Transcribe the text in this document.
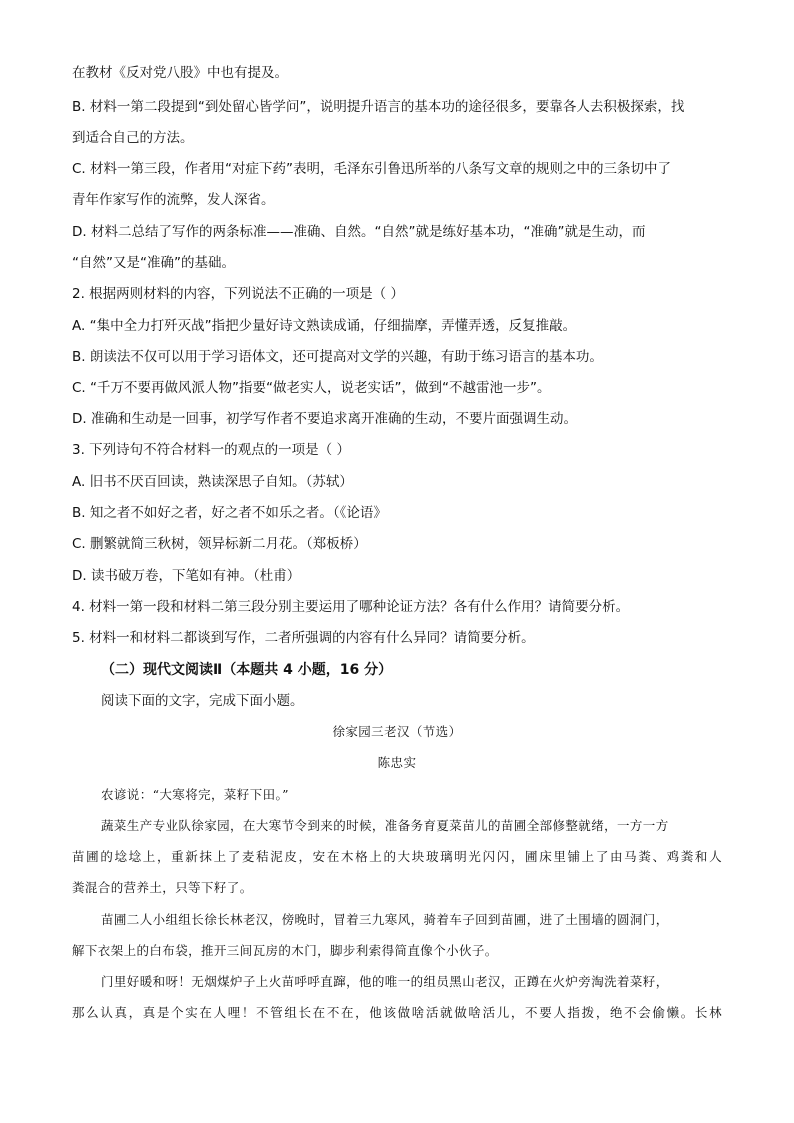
在教材《反对党八股》中也有提及。
B. 材料一第二段提到“到处留心皆学问”，说明提升语言的基本功的途径很多，要靠各人去积极探索，找
到适合自己的方法。
C. 材料一第三段，作者用“对症下药”表明，毛泽东引鲁迅所举的八条写文章的规则之中的三条切中了
青年作家写作的流弊，发人深省。
D. 材料二总结了写作的两条标准——准确、自然。“自然”就是练好基本功，“准确”就是生动，而
“自然”又是“准确”的基础。
2. 根据两则材料的内容，下列说法不正确的一项是（ ）
A. “集中全力打歼灭战”指把少量好诗文熟读成诵，仔细揣摩，弄懂弄透，反复推敲。
B. 朗读法不仅可以用于学习语体文，还可提高对文学的兴趣，有助于练习语言的基本功。
C. “千万不要再做风派人物”指要“做老实人，说老实话”，做到“不越雷池一步”。
D. 准确和生动是一回事，初学写作者不要追求离开准确的生动，不要片面强调生动。
3. 下列诗句不符合材料一的观点的一项是（ ）
A. 旧书不厌百回读，熟读深思子自知。（苏轼）
B. 知之者不如好之者，好之者不如乐之者。（《论语》
C. 删繁就简三秋树，领异标新二月花。（郑板桥）
D. 读书破万卷，下笔如有神。（杜甫）
4. 材料一第一段和材料二第三段分别主要运用了哪种论证方法？各有什么作用？请简要分析。
5. 材料一和材料二都谈到写作，二者所强调的内容有什么异同？请简要分析。
（二）现代文阅读Ⅱ（本题共 4 小题，16 分）
阅读下面的文字，完成下面小题。
徐家园三老汉（节选）
陈忠实
农谚说：“大寒将完，菜籽下田。”
蔬菜生产专业队徐家园，在大寒节令到来的时候，准备务育夏菜苗儿的苗圃全部修整就绪，一方一方
苗圃的埝埝上，重新抹上了麦秸泥皮，安在木格上的大块玻璃明光闪闪，圃床里铺上了由马粪、鸡粪和人
粪混合的营养土，只等下籽了。
苗圃二人小组组长徐长林老汉，傍晚时，冒着三九寒风，骑着车子回到苗圃，进了土围墙的圆洞门，
解下衣架上的白布袋，推开三间瓦房的木门，脚步利索得简直像个小伙子。
门里好暖和呀！无烟煤炉子上火苗呼呼直蹿，他的唯一的组员黑山老汉，正蹲在火炉旁淘洗着菜籽，
那么认真，真是个实在人哩！不管组长在不在，他该做啥活就做啥活儿，不要人指拨，绝不会偷懒。长林
